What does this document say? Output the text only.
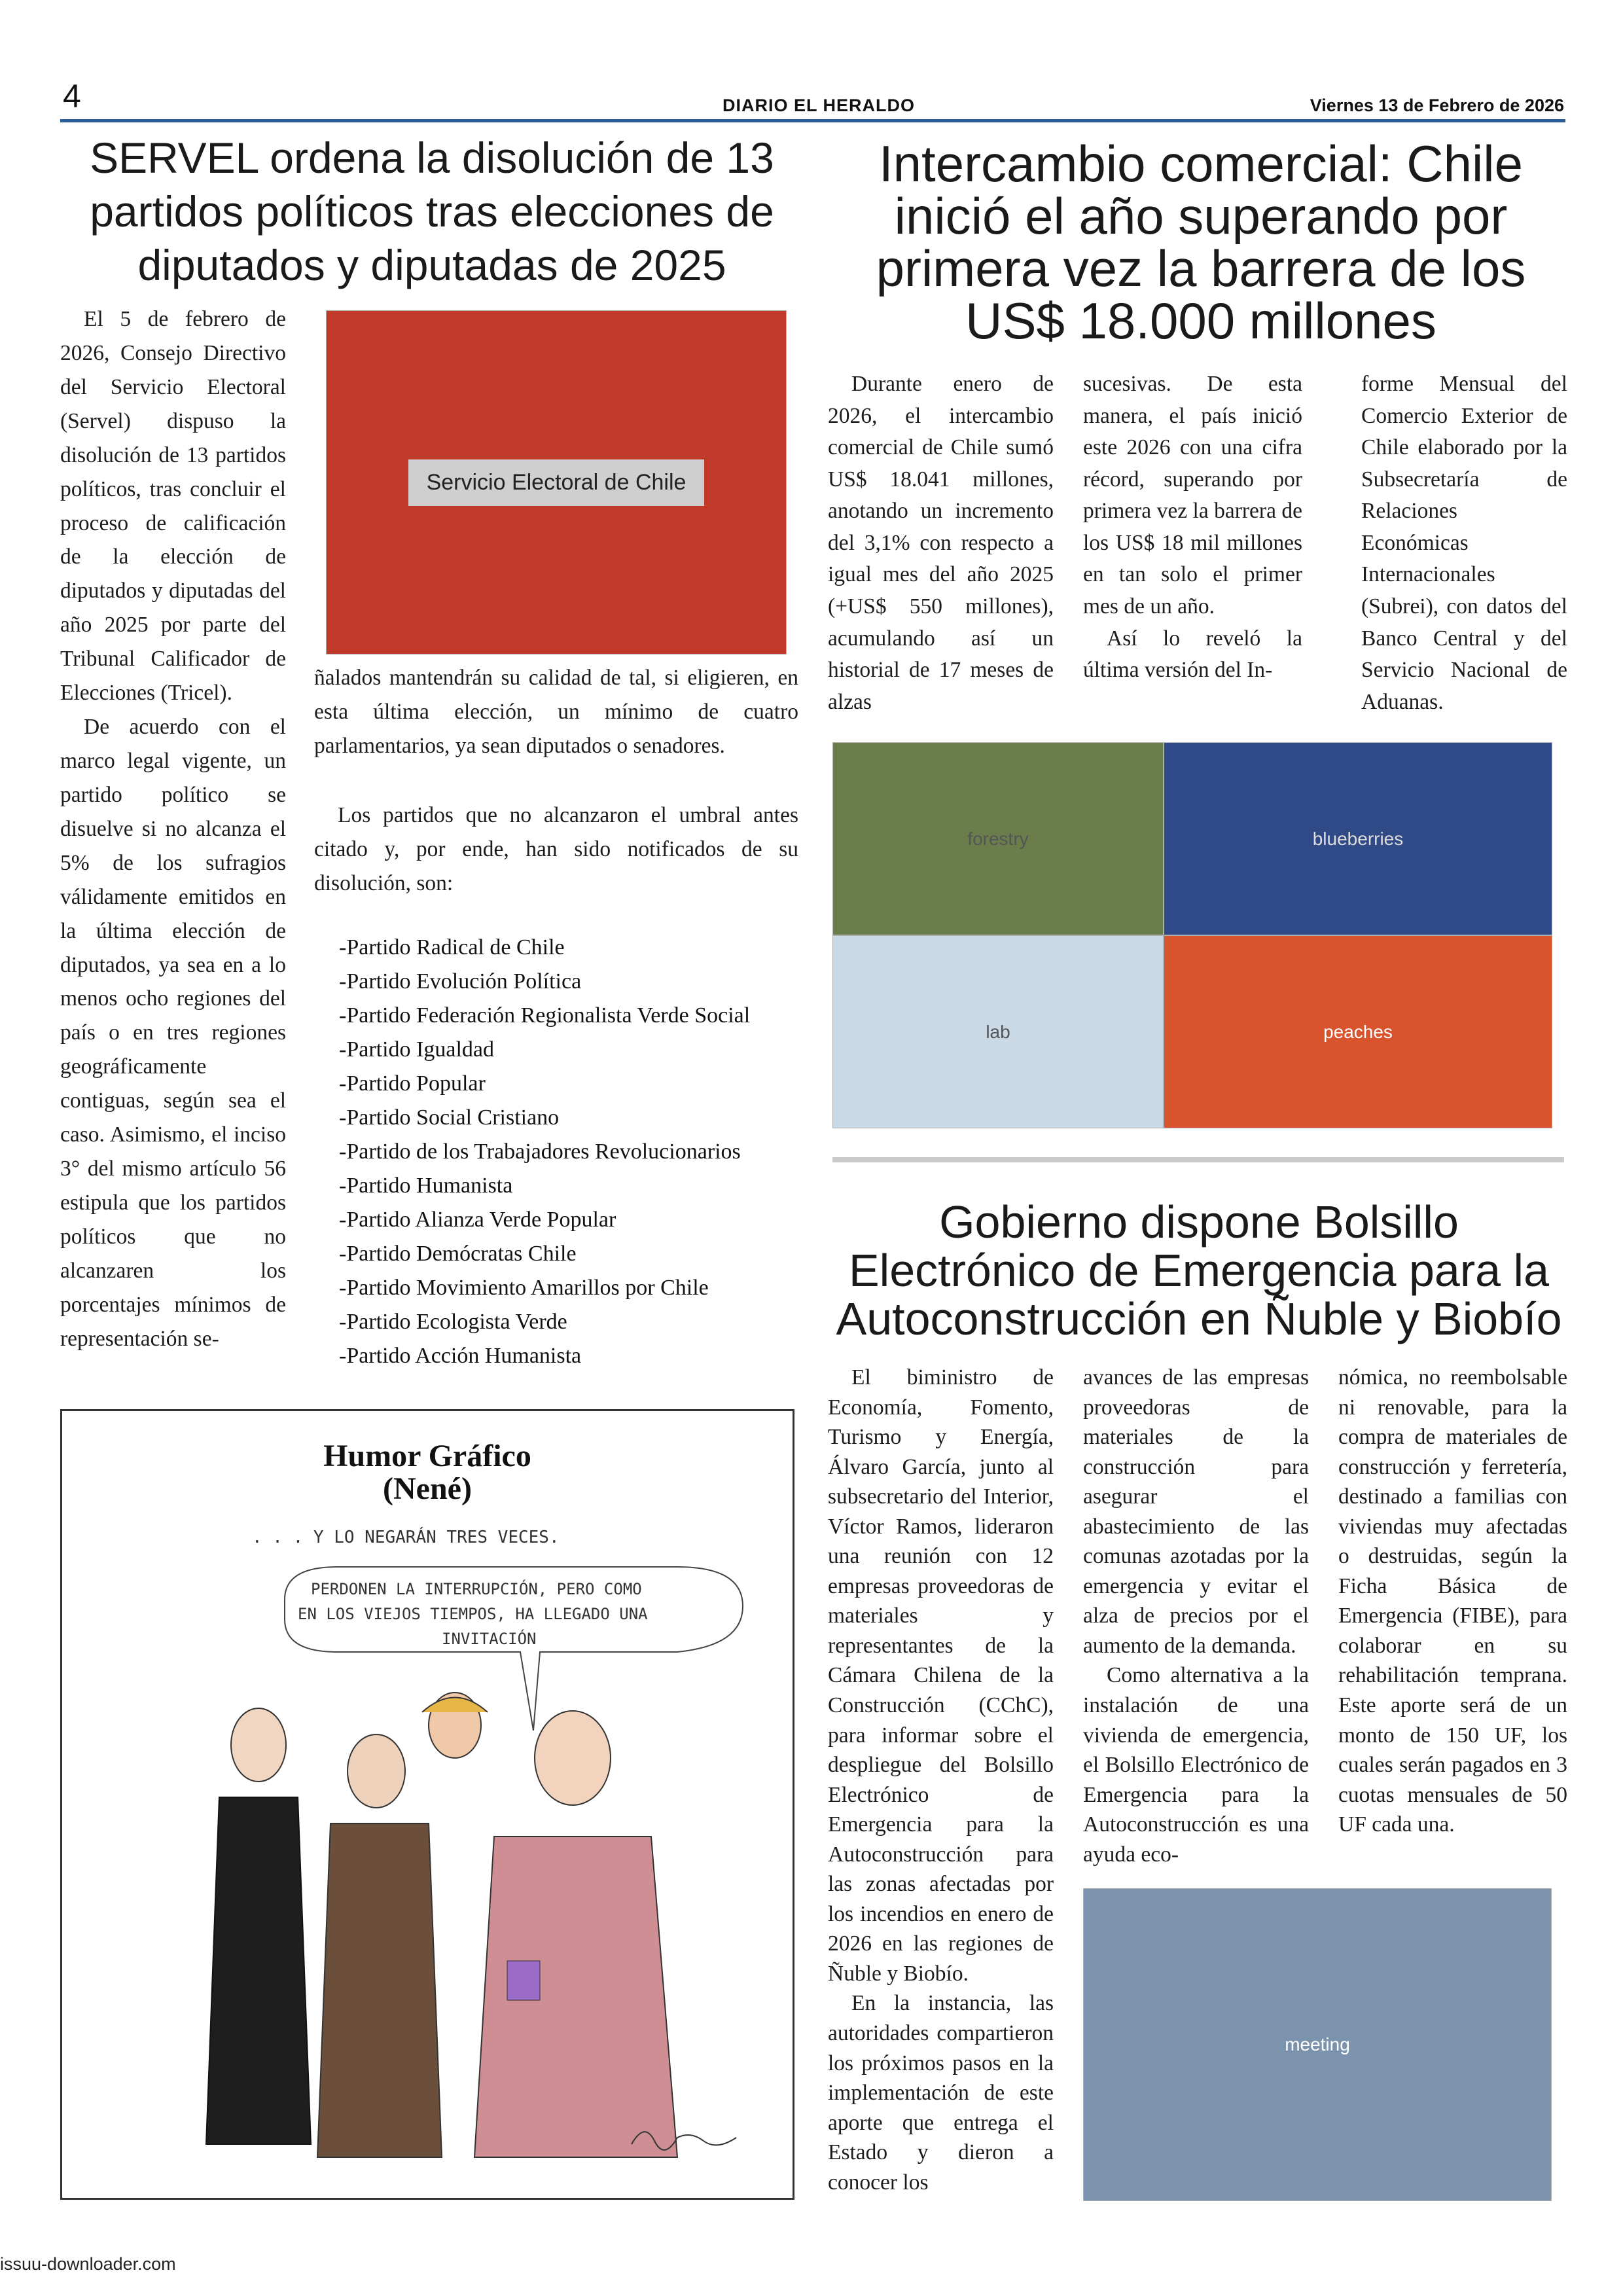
4	DIARIO EL HERALDO	Viernes 13 de Febrero de 2026
SERVEL ordena la disolución de 13 partidos políticos tras elecciones de diputados y diputadas de 2025

El 5 de febrero de 2026, Consejo Directivo del Servicio Electoral (Servel) dispuso la disolución de 13 partidos políticos, tras concluir el proceso de calificación de la elección de diputados y diputadas del año 2025 por parte del Tribunal Calificador de Elecciones (Tricel).

De acuerdo con el marco legal vigente, un partido político se disuelve si no alcanza el 5% de los sufragios válidamente emitidos en la última elección de diputados, ya sea en a lo menos ocho regiones del país o en tres regiones geográficamente contiguas, según sea el caso. Asimismo, el inciso 3° del mismo artículo 56 estipula que los partidos políticos que no alcanzaren los porcentajes mínimos de representación se-

Servicio Electoral de Chile

ñalados mantendrán su calidad de tal, si eligieren, en esta última elección, un mínimo de cuatro parlamentarios, ya sean diputados o senadores.

Los partidos que no alcanzaron el umbral antes citado y, por ende, han sido notificados de su disolución, son:

-Partido Radical de Chile
-Partido Evolución Política
-Partido Federación Regionalista Verde Social
-Partido Igualdad
-Partido Popular
-Partido Social Cristiano
-Partido de los Trabajadores Revolucionarios
-Partido Humanista
-Partido Alianza Verde Popular
-Partido Demócratas Chile
-Partido Movimiento Amarillos por Chile
-Partido Ecologista Verde
-Partido Acción Humanista
Humor Gráfico
(Nené)
. . . Y LO NEGARÁN TRES VECES.
PERDONEN LA INTERRUPCIÓN, PERO COMO
EN LOS VIEJOS TIEMPOS, HA LLEGADO UNA
INVITACIÓN
Intercambio comercial: Chile inició el año superando por primera vez la barrera de los US$ 18.000 millones

Durante enero de 2026, el intercambio comercial de Chile sumó US$ 18.041 millones, anotando un incremento del 3,1% con respecto a igual mes del año 2025 (+US$ 550 millones), acumulando así un historial de 17 meses de alzas

sucesivas. De esta manera, el país inició este 2026 con una cifra récord, superando por primera vez la barrera de los US$ 18 mil millones en tan solo el primer mes de un año.

Así lo reveló la última versión del In-

forme Mensual del Comercio Exterior de Chile elaborado por la Subsecretaría de Relaciones Económicas Internacionales (Subrei), con datos del Banco Central y del Servicio Nacional de Aduanas.

forestry	blueberries
lab	peaches
Gobierno dispone Bolsillo Electrónico de Emergencia para la Autoconstrucción en Ñuble y Biobío

El biministro de Economía, Fomento, Turismo y Energía, Álvaro García, junto al subsecretario del Interior, Víctor Ramos, lideraron una reunión con 12 empresas proveedoras de materiales y representantes de la Cámara Chilena de la Construcción (CChC), para informar sobre el despliegue del Bolsillo Electrónico de Emergencia para la Autoconstrucción para las zonas afectadas por los incendios en enero de 2026 en las regiones de Ñuble y Biobío.

En la instancia, las autoridades compartieron los próximos pasos en la implementación de este aporte que entrega el Estado y dieron a conocer los

avances de las empresas proveedoras de materiales de la construcción para asegurar el abastecimiento de las comunas azotadas por la emergencia y evitar el alza de precios por el aumento de la demanda.

Como alternativa a la instalación de una vivienda de emergencia, el Bolsillo Electrónico de Emergencia para la Autoconstrucción es una ayuda eco-

nómica, no reembolsable ni renovable, para la compra de materiales de construcción y ferretería, destinado a familias con viviendas muy afectadas o destruidas, según la Ficha Básica de Emergencia (FIBE), para colaborar en su rehabilitación temprana. Este aporte será de un monto de 150 UF, los cuales serán pagados en 3 cuotas mensuales de 50 UF cada una.

meeting
issuu-downloader.com
